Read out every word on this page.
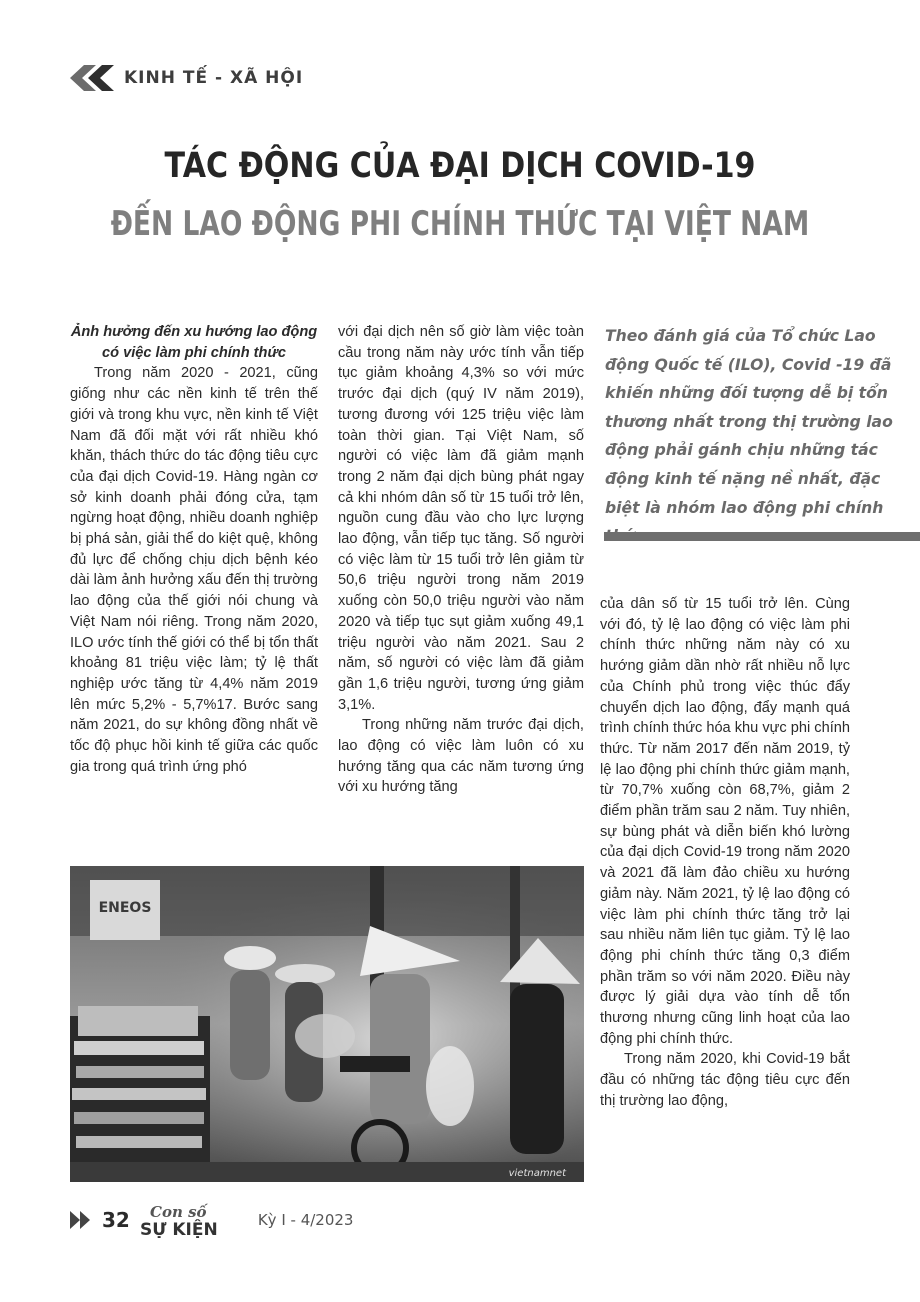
KINH TẾ - XÃ HỘI
TÁC ĐỘNG CỦA ĐẠI DỊCH COVID-19
ĐẾN LAO ĐỘNG PHI CHÍNH THỨC TẠI VIỆT NAM

Ảnh hưởng đến xu hướng lao động có việc làm phi chính thức

Trong năm 2020 - 2021, cũng giống như các nền kinh tế trên thế giới và trong khu vực, nền kinh tế Việt Nam đã đối mặt với rất nhiều khó khăn, thách thức do tác động tiêu cực của đại dịch Covid-19. Hàng ngàn cơ sở kinh doanh phải đóng cửa, tạm ngừng hoạt động, nhiều doanh nghiệp bị phá sản, giải thể do kiệt quệ, không đủ lực để chống chịu dịch bệnh kéo dài làm ảnh hưởng xấu đến thị trường lao động của thế giới nói chung và Việt Nam nói riêng. Trong năm 2020, ILO ước tính thế giới có thể bị tổn thất khoảng 81 triệu việc làm; tỷ lệ thất nghiệp ước tăng từ 4,4% năm 2019 lên mức 5,2% - 5,7%17. Bước sang năm 2021, do sự không đồng nhất về tốc độ phục hồi kinh tế giữa các quốc gia trong quá trình ứng phó

với đại dịch nên số giờ làm việc toàn cầu trong năm này ước tính vẫn tiếp tục giảm khoảng 4,3% so với mức trước đại dịch (quý IV năm 2019), tương đương với 125 triệu việc làm toàn thời gian. Tại Việt Nam, số người có việc làm đã giảm mạnh trong 2 năm đại dịch bùng phát ngay cả khi nhóm dân số từ 15 tuổi trở lên, nguồn cung đầu vào cho lực lượng lao động, vẫn tiếp tục tăng. Số người có việc làm từ 15 tuổi trở lên giảm từ 50,6 triệu người trong năm 2019 xuống còn 50,0 triệu người vào năm 2020 và tiếp tục sụt giảm xuống 49,1 triệu người vào năm 2021. Sau 2 năm, số người có việc làm đã giảm gần 1,6 triệu người, tương ứng giảm 3,1%.

Trong những năm trước đại dịch, lao động có việc làm luôn có xu hướng tăng qua các năm tương ứng với xu hướng tăng

Theo đánh giá của Tổ chức Lao động Quốc tế (ILO), Covid -19 đã khiến những đối tượng dễ bị tổn thương nhất trong thị trường lao động phải gánh chịu những tác động kinh tế nặng nề nhất, đặc biệt là nhóm lao động phi chính

của dân số từ 15 tuổi trở lên. Cùng với đó, tỷ lệ lao động có việc làm phi chính thức những năm này có xu hướng giảm dần nhờ rất nhiều nỗ lực của Chính phủ trong việc thúc đẩy chuyển dịch lao động, đẩy mạnh quá trình chính thức hóa khu vực phi chính thức. Từ năm 2017 đến năm 2019, tỷ lệ lao động phi chính thức giảm mạnh, từ 70,7% xuống còn 68,7%, giảm 2 điểm phần trăm sau 2 năm. Tuy nhiên, sự bùng phát và diễn biến khó lường của đại dịch Covid-19 trong năm 2020 và 2021 đã làm đảo chiều xu hướng giảm này. Năm 2021, tỷ lệ lao động có việc làm phi chính thức tăng trở lại sau nhiều năm liên tục giảm. Tỷ lệ lao động phi chính thức tăng 0,3 điểm phần trăm so với năm 2020. Điều này được lý giải dựa vào tính dễ tổn thương nhưng cũng linh hoạt của lao động phi chính thức.

Trong năm 2020, khi Covid-19 bắt đầu có những tác động tiêu cực đến thị trường lao động,

ENEOS
vietnamnet
32 Con số
SỰ KIỆN	Kỳ I - 4/2023
